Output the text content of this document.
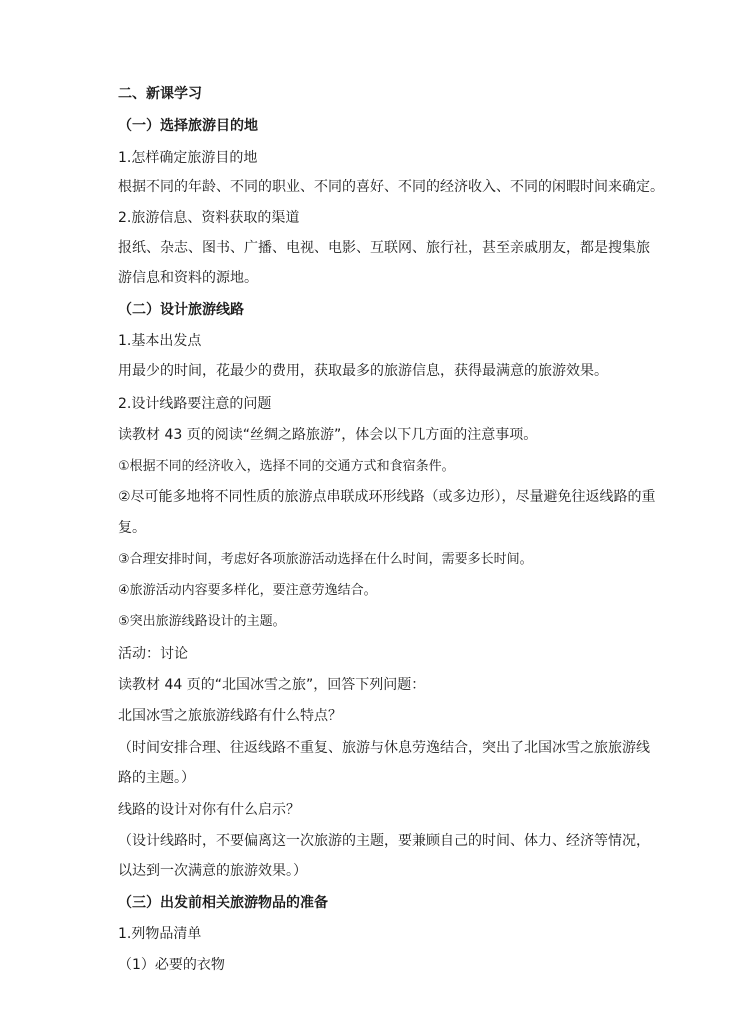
二、新课学习
（一）选择旅游目的地
1.怎样确定旅游目的地
根据不同的年龄、不同的职业、不同的喜好、不同的经济收入、不同的闲暇时间来确定。
2.旅游信息、资料获取的渠道
报纸、杂志、图书、广播、电视、电影、互联网、旅行社，甚至亲戚朋友，都是搜集旅
游信息和资料的源地。
（二）设计旅游线路
1.基本出发点
用最少的时间，花最少的费用，获取最多的旅游信息，获得最满意的旅游效果。
2.设计线路要注意的问题
读教材 43 页的阅读“丝绸之路旅游”，体会以下几方面的注意事项。
①根据不同的经济收入，选择不同的交通方式和食宿条件。
②尽可能多地将不同性质的旅游点串联成环形线路（或多边形），尽量避免往返线路的重
复。
③合理安排时间，考虑好各项旅游活动选择在什么时间，需要多长时间。
④旅游活动内容要多样化，要注意劳逸结合。
⑤突出旅游线路设计的主题。
活动：讨论
读教材 44 页的“北国冰雪之旅”，回答下列问题：
北国冰雪之旅旅游线路有什么特点？
（时间安排合理、往返线路不重复、旅游与休息劳逸结合，突出了北国冰雪之旅旅游线
路的主题。）
线路的设计对你有什么启示？
（设计线路时，不要偏离这一次旅游的主题，要兼顾自己的时间、体力、经济等情况，
以达到一次满意的旅游效果。）
（三）出发前相关旅游物品的准备
1.列物品清单
（1）必要的衣物
